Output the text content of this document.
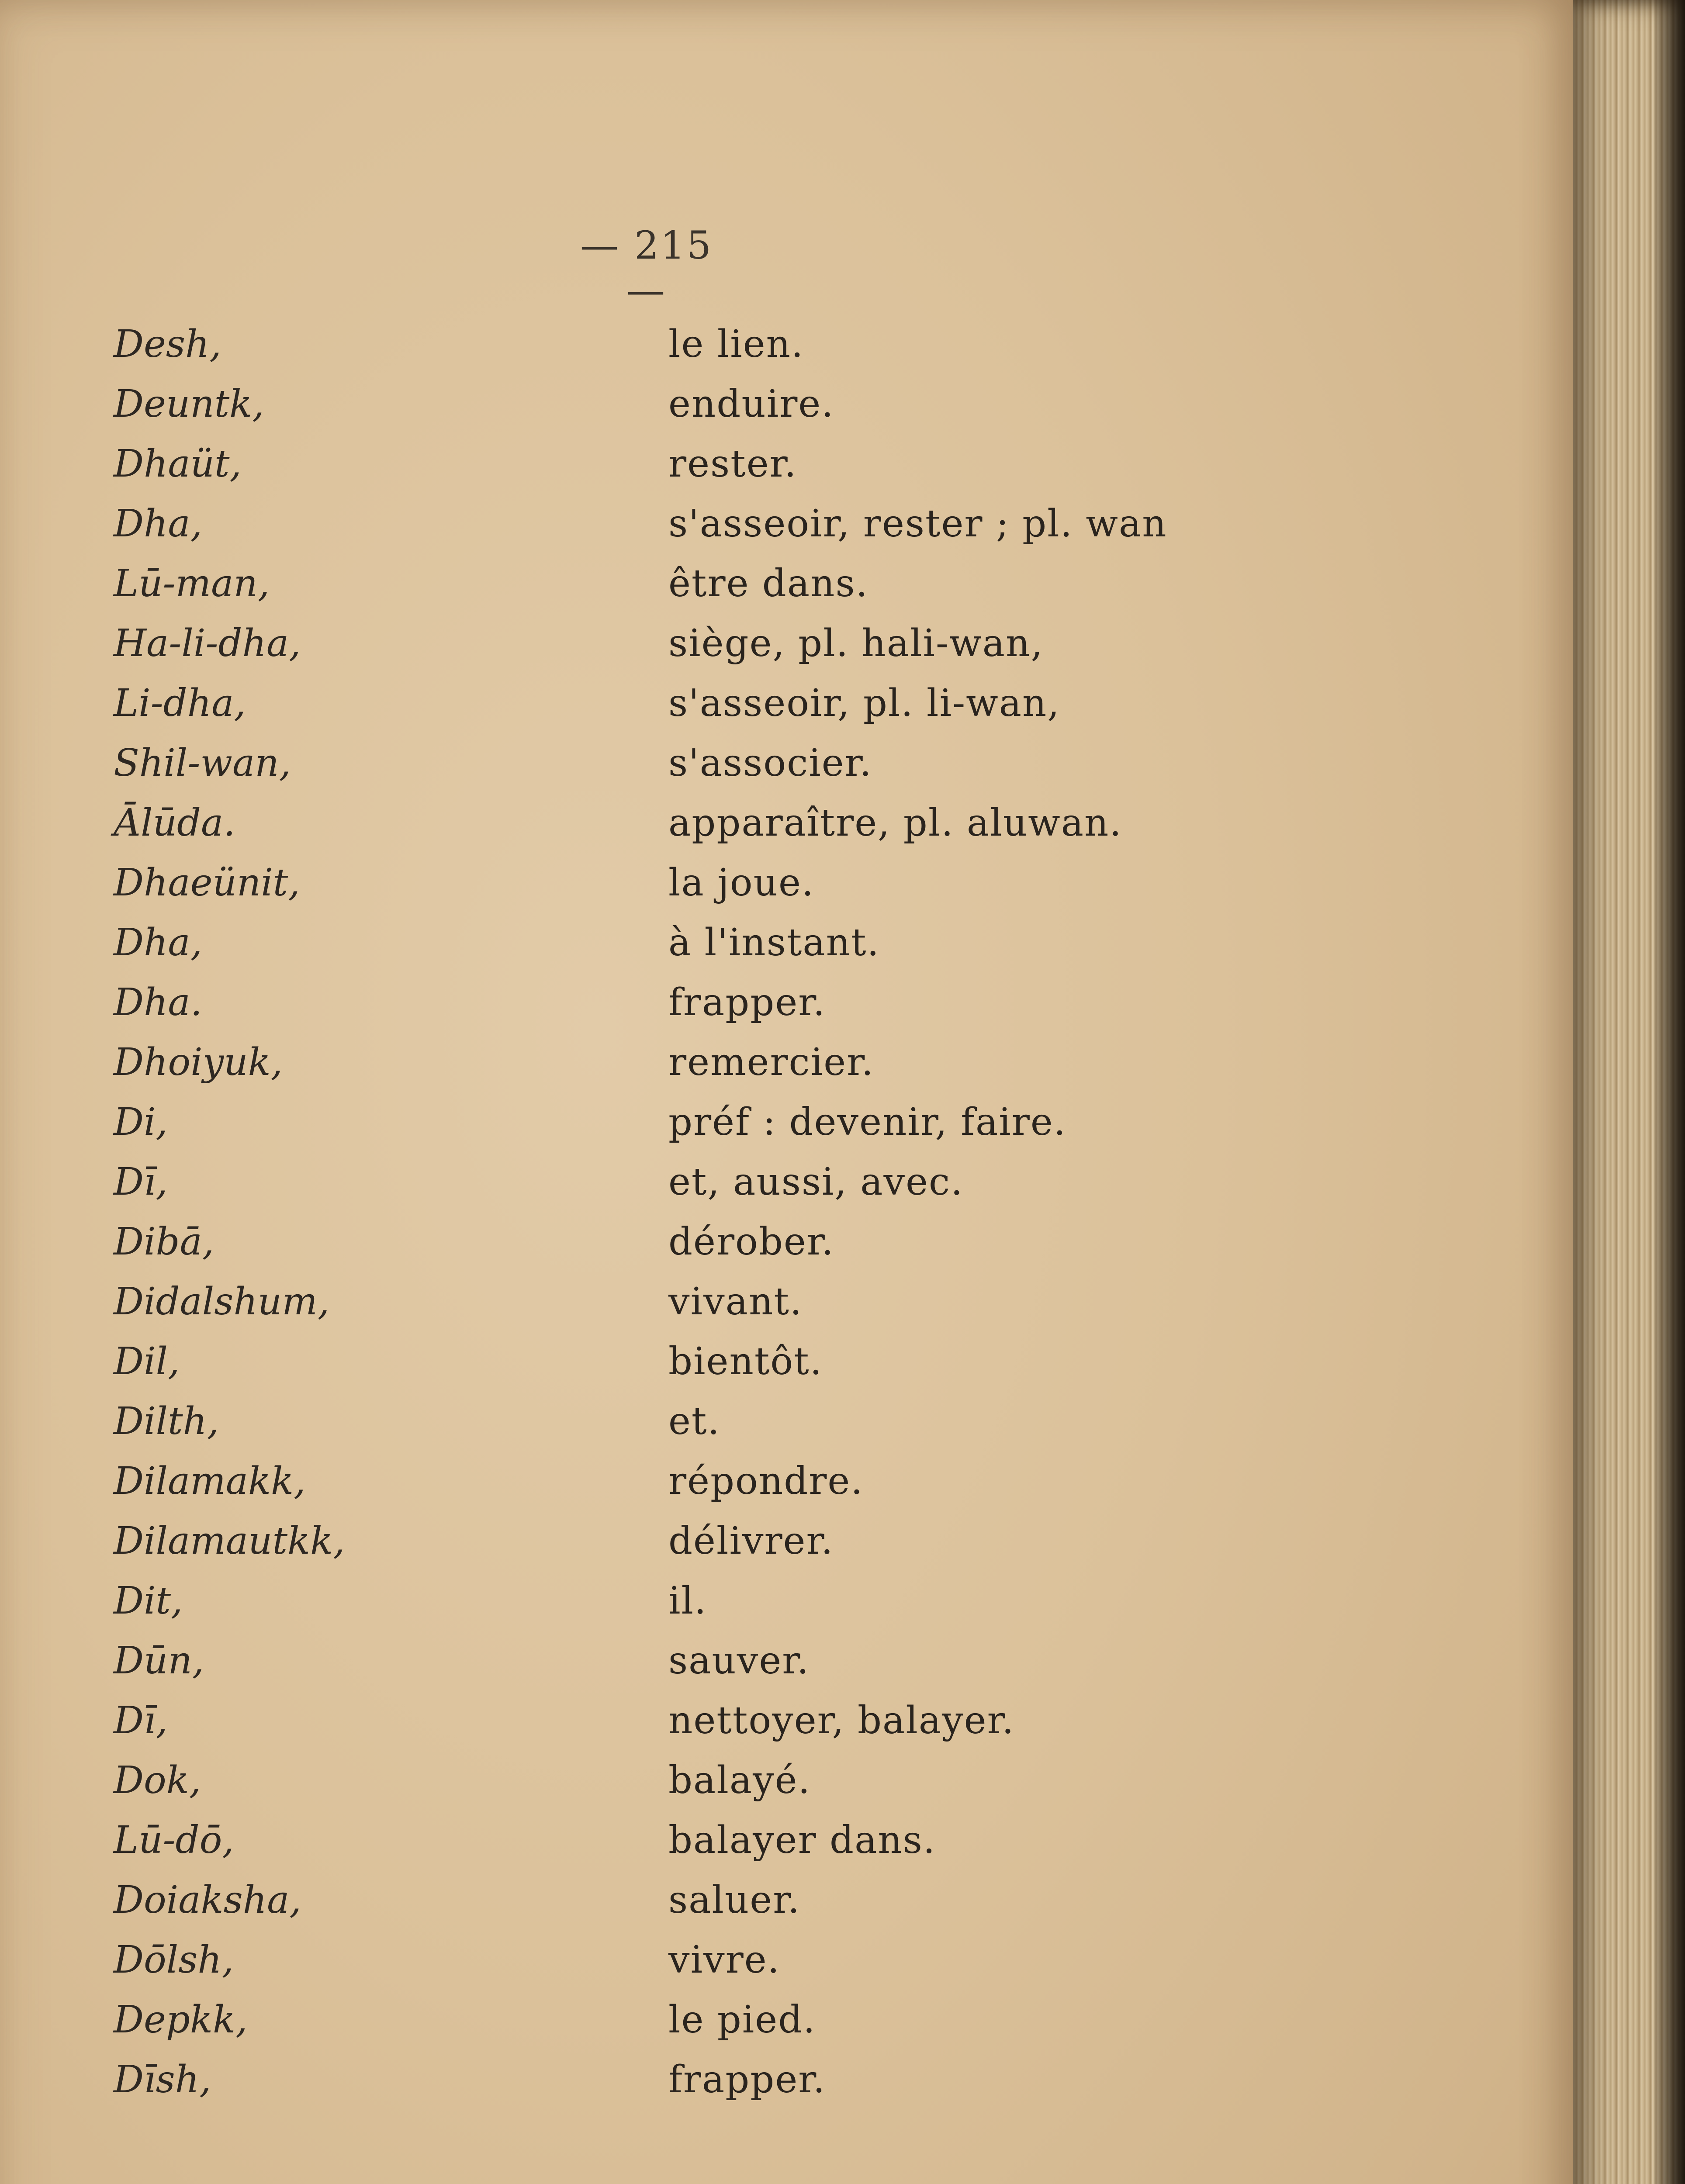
— 215 —
Desh,	le lien.
Deuntk,	enduire.
Dhaüt,	rester.
Dha,	s'asseoir, rester ; pl. wan
Lū-man,	être dans.
Ha-li-dha,	siège, pl. hali-wan,
Li-dha,	s'asseoir, pl. li-wan,
Shil-wan,	s'associer.
Ālūda.	apparaître, pl. aluwan.
Dhaeünit,	la joue.
Dha,	à l'instant.
Dha.	frapper.
Dhoiyuk,	remercier.
Di,	préf : devenir, faire.
Dī,	et, aussi, avec.
Dibā,	dérober.
Didalshum,	vivant.
Dil,	bientôt.
Dilth,	et.
Dilamakk,	répondre.
Dilamautkk,	délivrer.
Dit,	il.
Dūn,	sauver.
Dī,	nettoyer, balayer.
Dok,	balayé.
Lū-dō,	balayer dans.
Doiaksha,	saluer.
Dōlsh,	vivre.
Depkk,	le pied.
Dīsh,	frapper.
